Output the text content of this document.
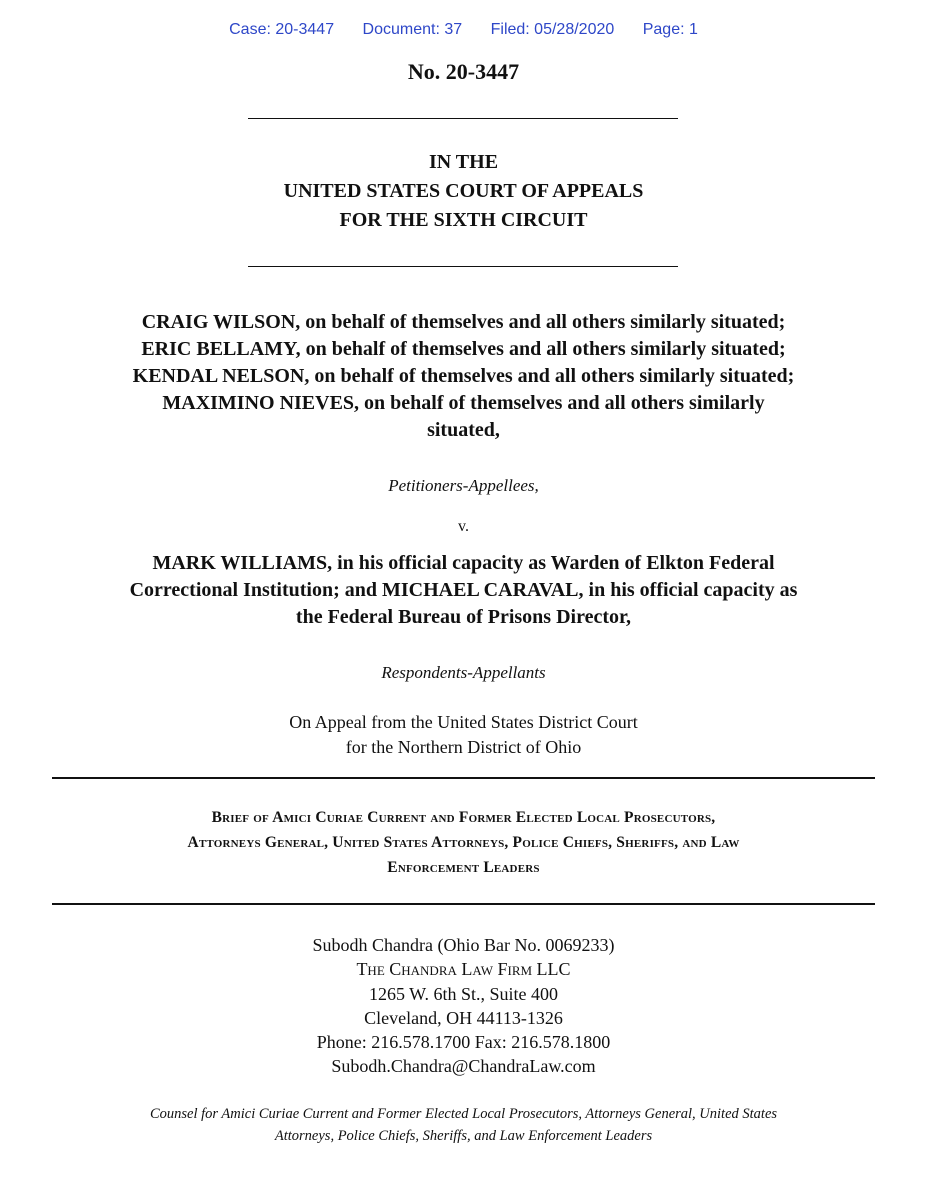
Case: 20-3447 Document: 37 Filed: 05/28/2020 Page: 1
No. 20-3447
IN THE
UNITED STATES COURT OF APPEALS
FOR THE SIXTH CIRCUIT
CRAIG WILSON, on behalf of themselves and all others similarly situated;
ERIC BELLAMY, on behalf of themselves and all others similarly situated;
KENDAL NELSON, on behalf of themselves and all others similarly situated;
MAXIMINO NIEVES, on behalf of themselves and all others similarly
situated,
Petitioners-Appellees,
v.
MARK WILLIAMS, in his official capacity as Warden of Elkton Federal
Correctional Institution; and MICHAEL CARAVAL, in his official capacity as
the Federal Bureau of Prisons Director,
Respondents-Appellants
On Appeal from the United States District Court
for the Northern District of Ohio
Brief of Amici Curiae Current and Former Elected Local Prosecutors,
Attorneys General, United States Attorneys, Police Chiefs, Sheriffs, and Law
Enforcement Leaders
Subodh Chandra (Ohio Bar No. 0069233)
The Chandra Law Firm LLC
1265 W. 6th St., Suite 400
Cleveland, OH 44113-1326
Phone: 216.578.1700 Fax: 216.578.1800
Subodh.Chandra@ChandraLaw.com
Counsel for Amici Curiae Current and Former Elected Local Prosecutors, Attorneys General, United States
Attorneys, Police Chiefs, Sheriffs, and Law Enforcement Leaders
